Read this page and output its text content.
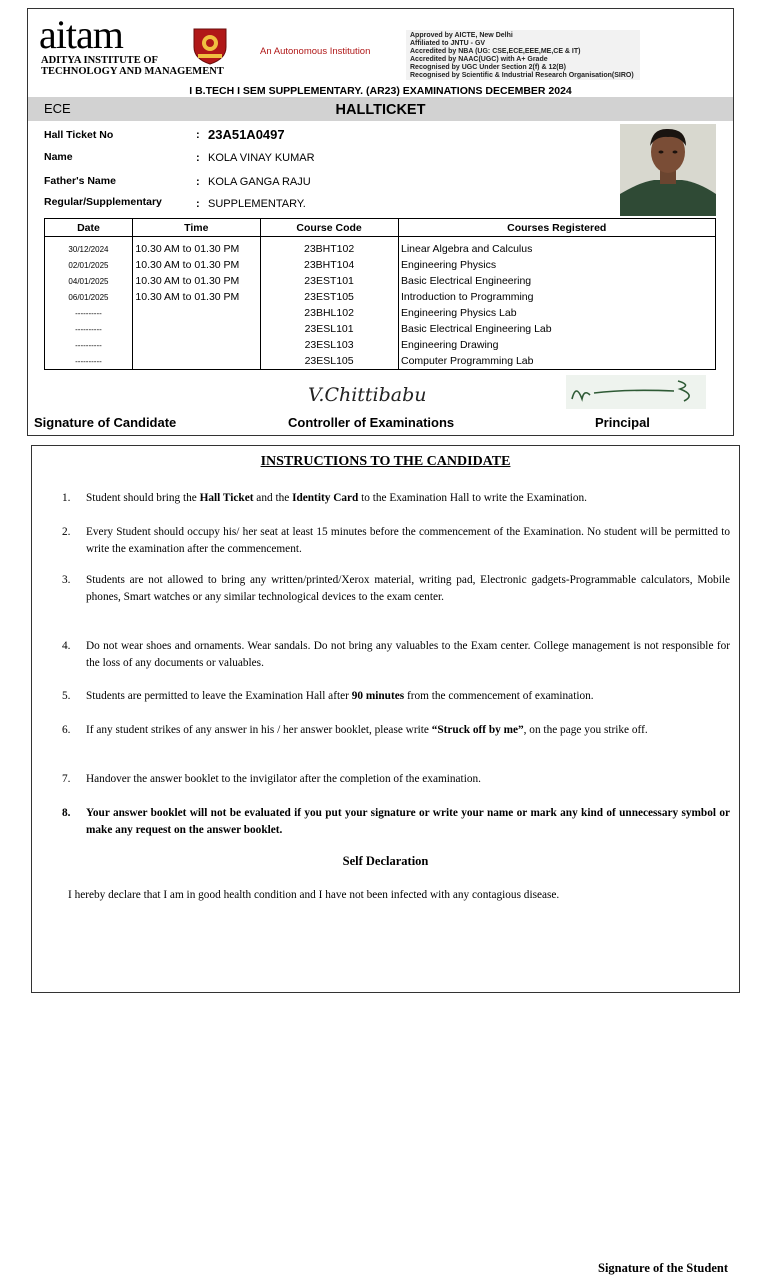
aitam
ADITYA INSTITUTE OF
TECHNOLOGY AND MANAGEMENT
An Autonomous Institution
Approved by AICTE, New Delhi
Affiliated to JNTU - GV
Accredited by NBA (UG: CSE,ECE,EEE,ME,CE & IT)
Accredited by NAAC(UGC) with A+ Grade
Recognised by UGC Under Section 2(f) & 12(B)
Recognised by Scientific & Industrial Research Organisation(SIRO)
I B.TECH I SEM SUPPLEMENTARY. (AR23) EXAMINATIONS DECEMBER 2024
ECE	HALLTICKET
Hall Ticket No	: 23A51A0497
Name	: KOLA VINAY KUMAR
Father's Name	: KOLA GANGA RAJU
Regular/Supplementary	: SUPPLEMENTARY.
Date	Time	Course Code	Courses Registered
30/12/2024	10.30 AM to 01.30 PM	23BHT102	Linear Algebra and Calculus
02/01/2025	10.30 AM to 01.30 PM	23BHT104	Engineering Physics
04/01/2025	10.30 AM to 01.30 PM	23EST101	Basic Electrical Engineering
06/01/2025	10.30 AM to 01.30 PM	23EST105	Introduction to Programming
----------		23BHL102	Engineering Physics Lab
----------		23ESL101	Basic Electrical Engineering Lab
----------		23ESL103	Engineering Drawing
----------		23ESL105	Computer Programming Lab
V.Chittibabu
Signature of Candidate	Controller of Examinations	Principal
INSTRUCTIONS TO THE CANDIDATE
1. Student should bring the Hall Ticket and the Identity Card to the Examination Hall to write the Examination.
2. Every Student should occupy his/ her seat at least 15 minutes before the commencement of the Examination. No student will be permitted to write the examination after the commencement.
3. Students are not allowed to bring any written/printed/Xerox material, writing pad, Electronic gadgets-Programmable calculators, Mobile phones, Smart watches or any similar technological devices to the exam center.
4. Do not wear shoes and ornaments. Wear sandals. Do not bring any valuables to the Exam center. College management is not responsible for the loss of any documents or valuables.
5. Students are permitted to leave the Examination Hall after 90 minutes from the commencement of examination.
6. If any student strikes of any answer in his / her answer booklet, please write “Struck off by me”, on the page you strike off.
7. Handover the answer booklet to the invigilator after the completion of the examination.
8. Your answer booklet will not be evaluated if you put your signature or write your name or mark any kind of unnecessary symbol or make any request on the answer booklet.
Self Declaration
I hereby declare that I am in good health condition and I have not been infected with any contagious disease.
Signature of the Student
